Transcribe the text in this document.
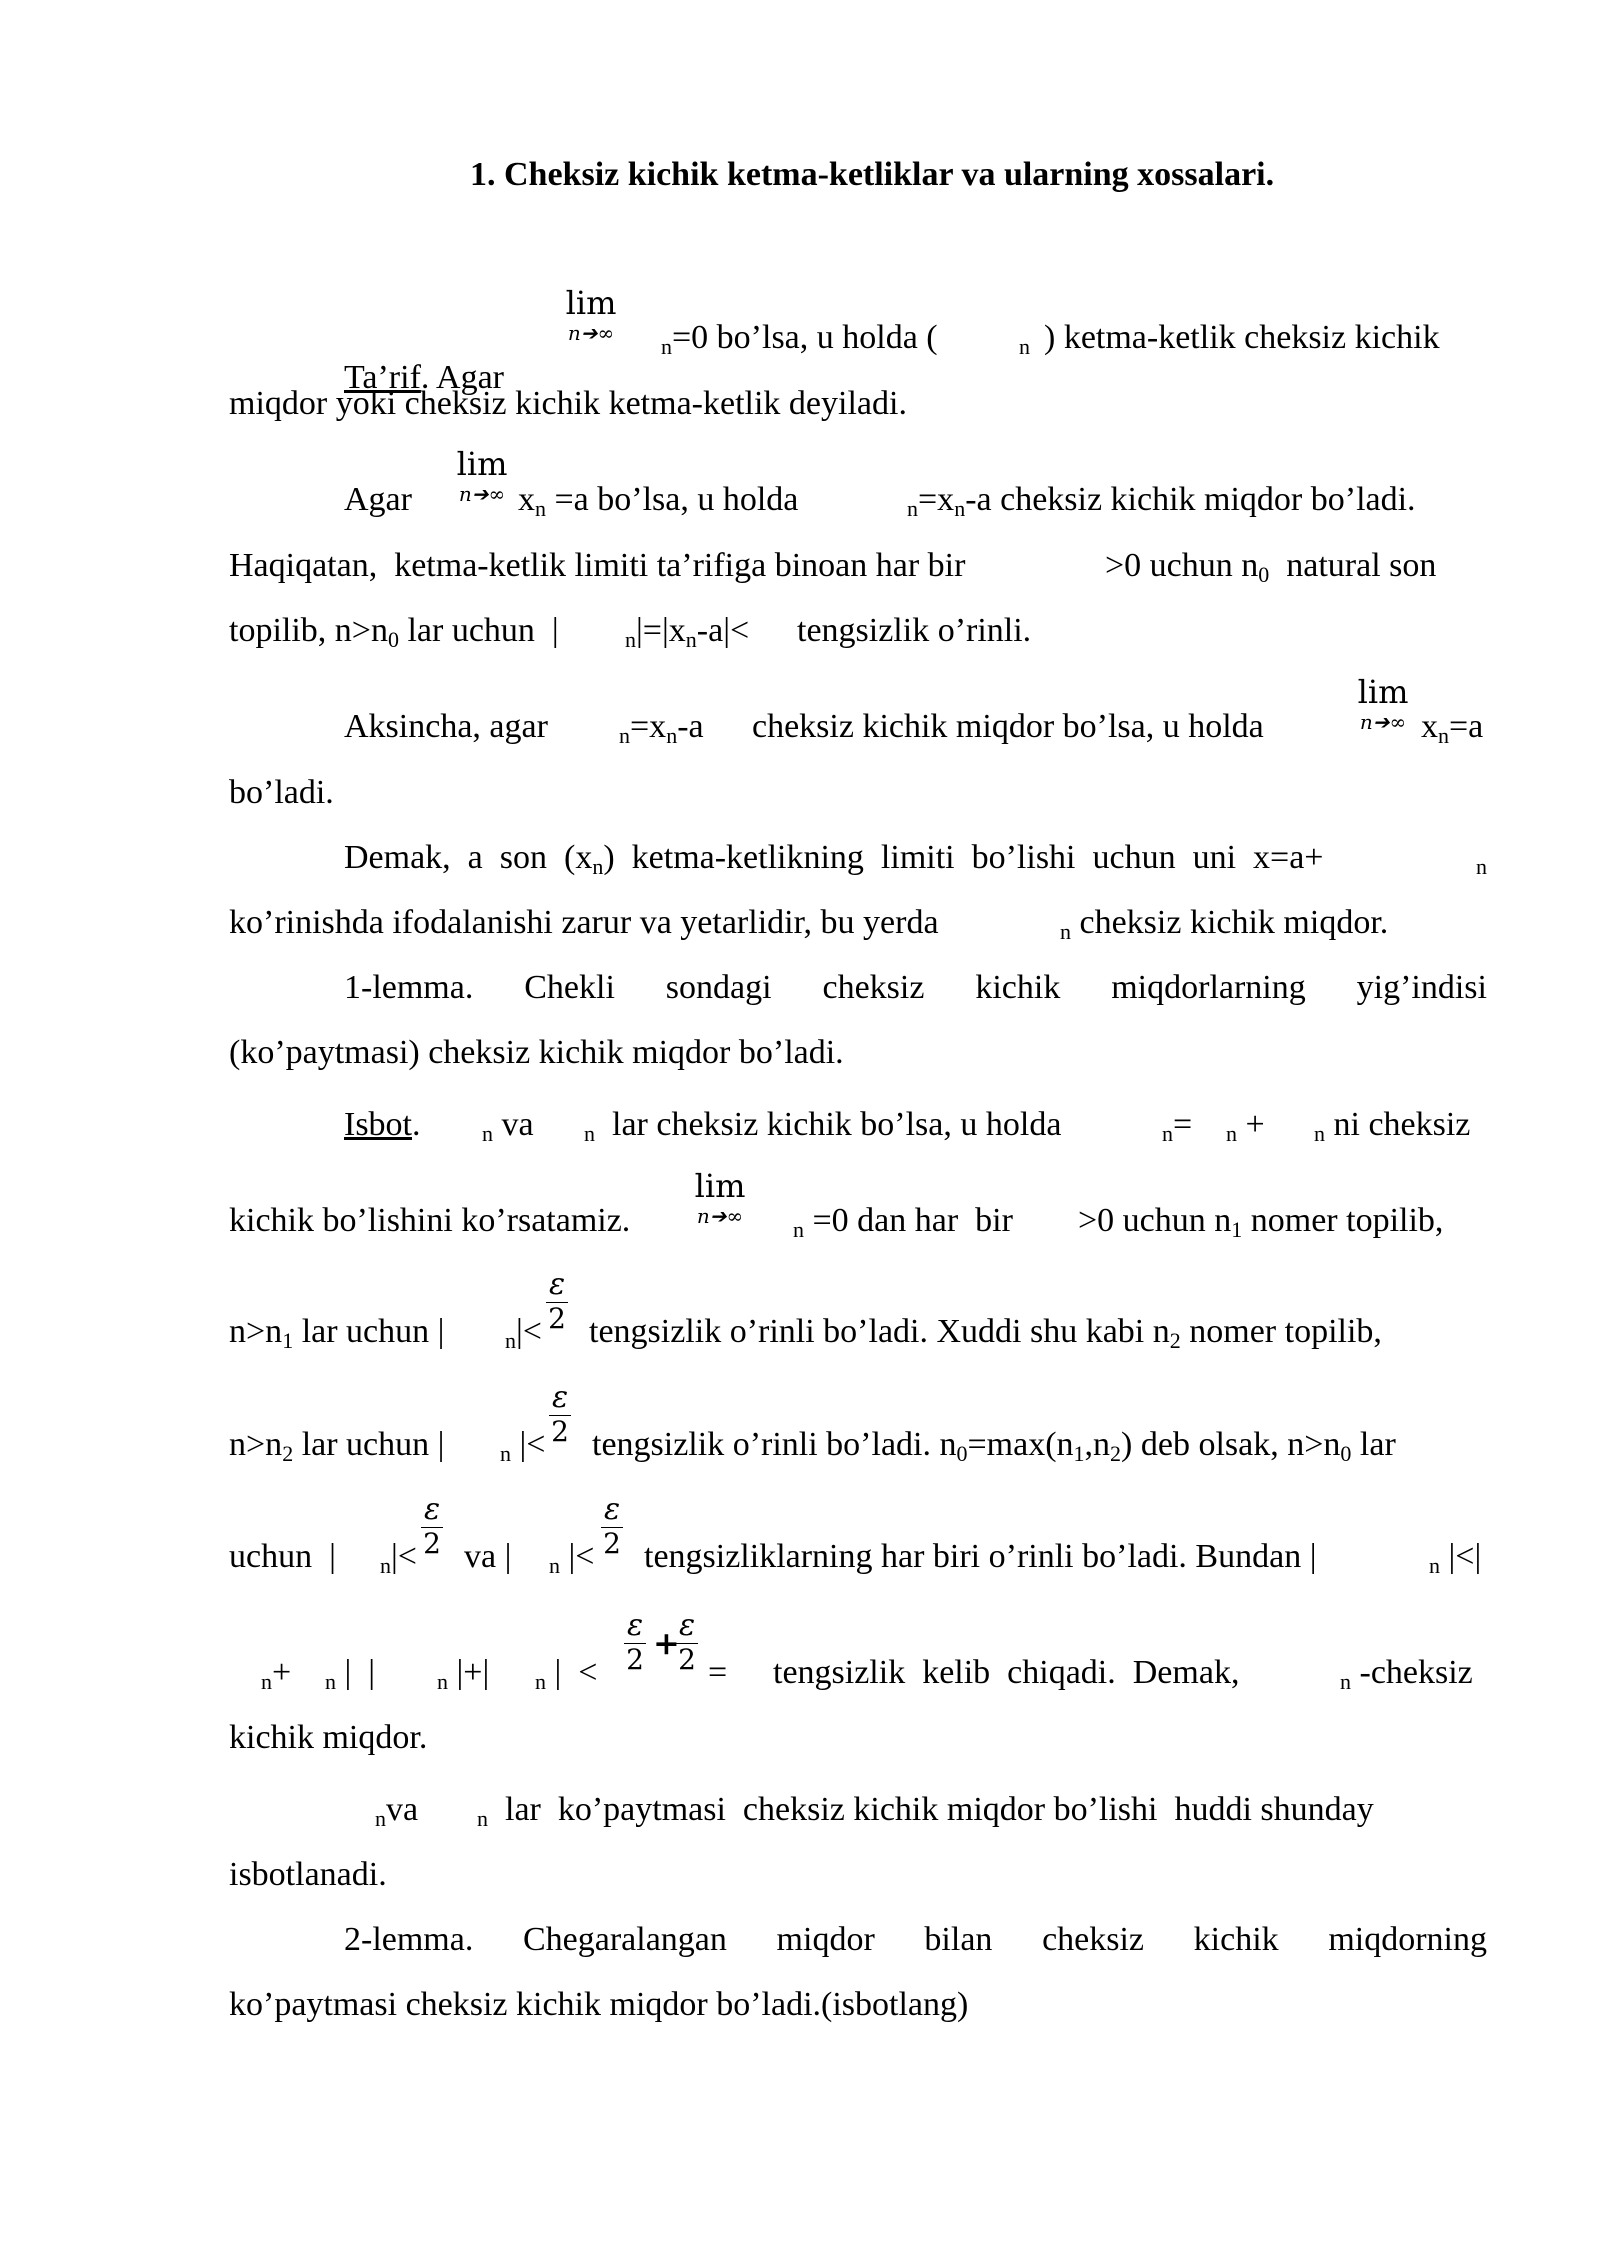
1. Cheksiz kichik ketma-ketliklar va ularning xossalari.
lim
n➔∞

Ta’rif. Agar

$_n$=0 bo’lsa, u holda (	$_n$ ) ketma-ketlik cheksiz kichik
miqdor yoki cheksiz kichik ketma-ketlik deyiladi.
lim
n➔∞
Agar	$x_n =a$ bo’lsa, u holda	$_n=x_n-a$ cheksiz kichik miqdor bo’ladi.
Haqiqatan,  ketma-ketlik limiti ta’rifiga binoan har bir	>0 uchun $n_0$  natural son
topilib, $n>n_0$ lar uchun  |	$_n|=|x_n-a|<$ tengsizlik o’rinli.
lim
n➔∞
Aksincha, agar	$_n=x_n-a$ cheksiz kichik miqdor bo’lsa, u holda	$x_n=a$
bo’ladi.
Demak,  a  son  $(x_n)$  ketma-ketlikning  limiti  bo’lishi  uchun  uni  x=a+	$_n$
ko’rinishda ifodalanishi zarur va yetarlidir, bu yerda	$_n$ cheksiz kichik miqdor.
1-lemma. Chekli sondagi cheksiz kichik miqdorlarning yig’indisi
(ko’paytmasi) cheksiz kichik miqdor bo’ladi.
Isbot.	$_n$ va $_n$ lar cheksiz kichik bo’lsa, u holda	$_n$= $_n$ + $_n$ ni cheksiz
lim
n➔∞
kichik bo’lishini ko’rsatamiz.	$_n$ =0 dan har  bir >0 uchun $n_1$ nomer topilib,
$\frac{\varepsilon}{2}$
$n>n_1$ lar uchun |	$_n$|< tengsizlik o’rinli bo’ladi. Xuddi shu kabi $n_2$ nomer topilib,
$\frac{\varepsilon}{2}$
$n>n_2$ lar uchun |	$_n$ |< tengsizlik o’rinli bo’ladi. $n_0=\max(n_1,n_2)$ deb olsak, $n>n_0$ lar
$\frac{\varepsilon}{2}$	$\frac{\varepsilon}{2}$
uchun  | $_n$|< va | $_n$ |< tengsizliklarning har biri o’rinli bo’ladi. Bundan |	$_n$ |<|
$\frac{\varepsilon}{2}$ +
$\frac{\varepsilon}{2}$
$_n$+ $_n$ |  |	$_n$ |+| $_n$ |  <	= tengsizlik  kelib  chiqadi.  Demak,	$_n$ -cheksiz
kichik miqdor.
$_n$va	$_n$ lar  ko’paytmasi  cheksiz kichik miqdor bo’lishi  huddi shunday
isbotlanadi.
2-lemma. Chegaralangan miqdor bilan cheksiz kichik miqdorning
ko’paytmasi cheksiz kichik miqdor bo’ladi.(isbotlang)
